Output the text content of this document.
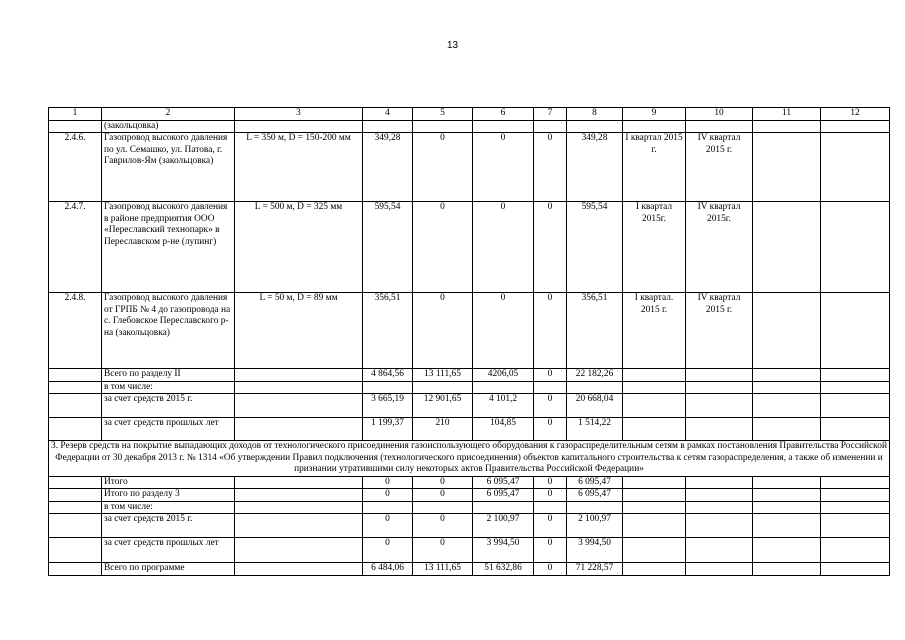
13
1	2	3	4	5	6	7	8	9	10	11	12
	(закольцовка)										
2.4.6.	Газопровод высокого давления по ул. Семашко, ул. Патова, г. Гаврилов-Ям (закольцовка)	L = 350 м, D = 150-200 мм	349,28	0	0	0	349,28	I квартал 2015 г.	IV квартал 2015 г.		
2.4.7.	Газопровод высокого давления в районе предприятия ООО «Переславский технопарк» в Переславском р-не (лупинг)	L = 500 м, D = 325 мм	595,54	0	0	0	595,54	I квартал 2015г.	IV квартал 2015г.		
2.4.8.	Газопровод высокого давления от ГРПБ № 4 до газопровода на с. Глебовское Переславского р-на (закольцовка)	L = 50 м, D = 89 мм	356,51	0	0	0	356,51	I квартал. 2015 г.	IV квартал 2015 г.		
	Всего по разделу II		4 864,56	13 111,65	4206,05	0	22 182,26				
	в том числе:										
	за счет средств 2015 г.		3 665,19	12 901,65	4 101,2	0	20 668,04				
	за счет средств прошлых лет		1 199,37	210	104,85	0	1 514,22				
3. Резерв средств на покрытие выпадающих доходов от технологического присоединения газоиспользующего оборудования к газораспределительным сетям в рамках постановления Правительства Российской Федерации от 30 декабря 2013 г. № 1314 «Об утверждении Правил подключения (технологического присоединения) объектов капитального строительства к сетям газораспределения, а также об изменении и признании утратившими силу некоторых актов Правительства Российской Федерации»											
	Итого		0	0	6 095,47	0	6 095,47				
	Итого по разделу 3		0	0	6 095,47	0	6 095,47				
	в том числе:										
	за счет средств 2015 г.		0	0	2 100,97	0	2 100,97				
	за счет средств прошлых лет		0	0	3 994,50	0	3 994,50				
	Всего по программе		6 484,06	13 111,65	51 632,86	0	71 228,57				
